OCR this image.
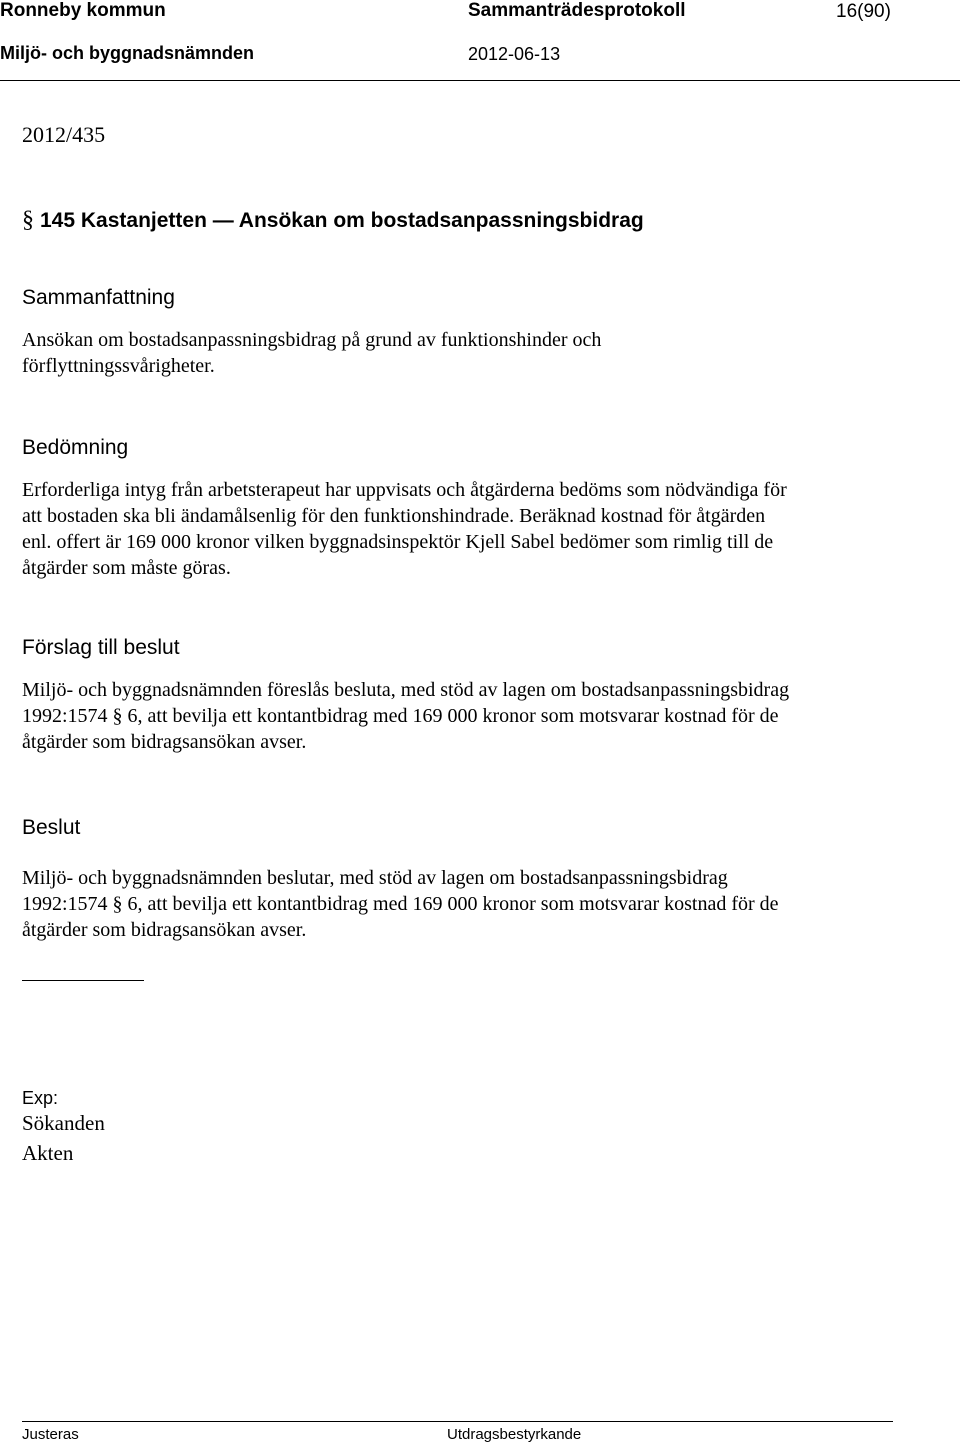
Ronneby kommun	Sammanträdesprotokoll	16(90)
Miljö- och byggnadsnämnden	2012-06-13
2012/435
§ 145 Kastanjetten — Ansökan om bostadsanpassningsbidrag
Sammanfattning

Ansökan om bostadsanpassningsbidrag på grund av funktionshinder och

förflyttningssvårigheter.

Bedömning

Erforderliga intyg från arbetsterapeut har uppvisats och åtgärderna bedöms som nödvändiga för

att bostaden ska bli ändamålsenlig för den funktionshindrade. Beräknad kostnad för åtgärden

enl. offert är 169 000 kronor vilken byggnadsinspektör Kjell Sabel bedömer som rimlig till de

åtgärder som måste göras.

Förslag till beslut

Miljö- och byggnadsnämnden föreslås besluta, med stöd av lagen om bostadsanpassningsbidrag

1992:1574 § 6, att bevilja ett kontantbidrag med 169 000 kronor som motsvarar kostnad för de

åtgärder som bidragsansökan avser.

Beslut

Miljö- och byggnadsnämnden beslutar, med stöd av lagen om bostadsanpassningsbidrag

1992:1574 § 6, att bevilja ett kontantbidrag med 169 000 kronor som motsvarar kostnad för de

åtgärder som bidragsansökan avser.

Exp:
Sökanden
Akten
Justeras	Utdragsbestyrkande
